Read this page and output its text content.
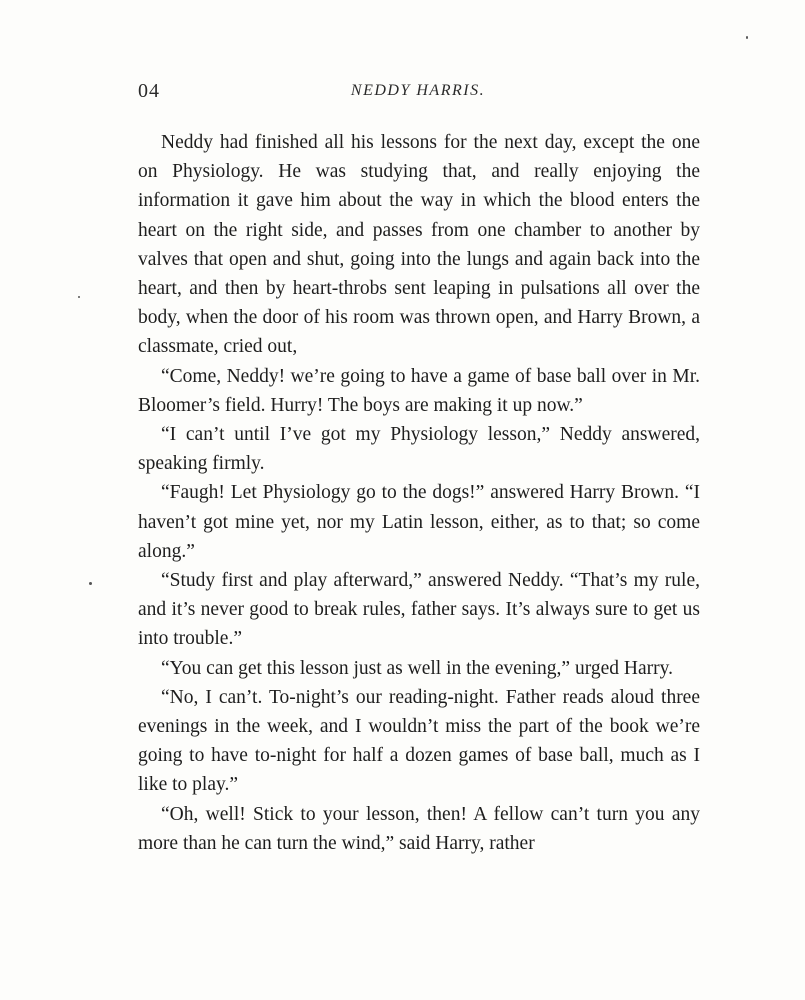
04	NEDDY HARRIS.

Neddy had finished all his lessons for the next day, except the one on Physiology. He was studying that, and really enjoying the information it gave him about the way in which the blood enters the heart on the right side, and passes from one chamber to another by valves that open and shut, going into the lungs and again back into the heart, and then by heart-throbs sent leaping in pulsations all over the body, when the door of his room was thrown open, and Harry Brown, a classmate, cried out,

“Come, Neddy! we’re going to have a game of base ball over in Mr. Bloomer’s field. Hurry! The boys are making it up now.”

“I can’t until I’ve got my Physiology lesson,” Neddy answered, speaking firmly.

“Faugh! Let Physiology go to the dogs!” answered Harry Brown. “I haven’t got mine yet, nor my Latin lesson, either, as to that; so come along.”

“Study first and play afterward,” answered Neddy. “That’s my rule, and it’s never good to break rules, father says. It’s always sure to get us into trouble.”

“You can get this lesson just as well in the evening,” urged Harry.

“No, I can’t. To-night’s our reading-night. Father reads aloud three evenings in the week, and I wouldn’t miss the part of the book we’re going to have to-night for half a dozen games of base ball, much as I like to play.”

“Oh, well! Stick to your lesson, then! A fellow can’t turn you any more than he can turn the wind,” said Harry, rather
